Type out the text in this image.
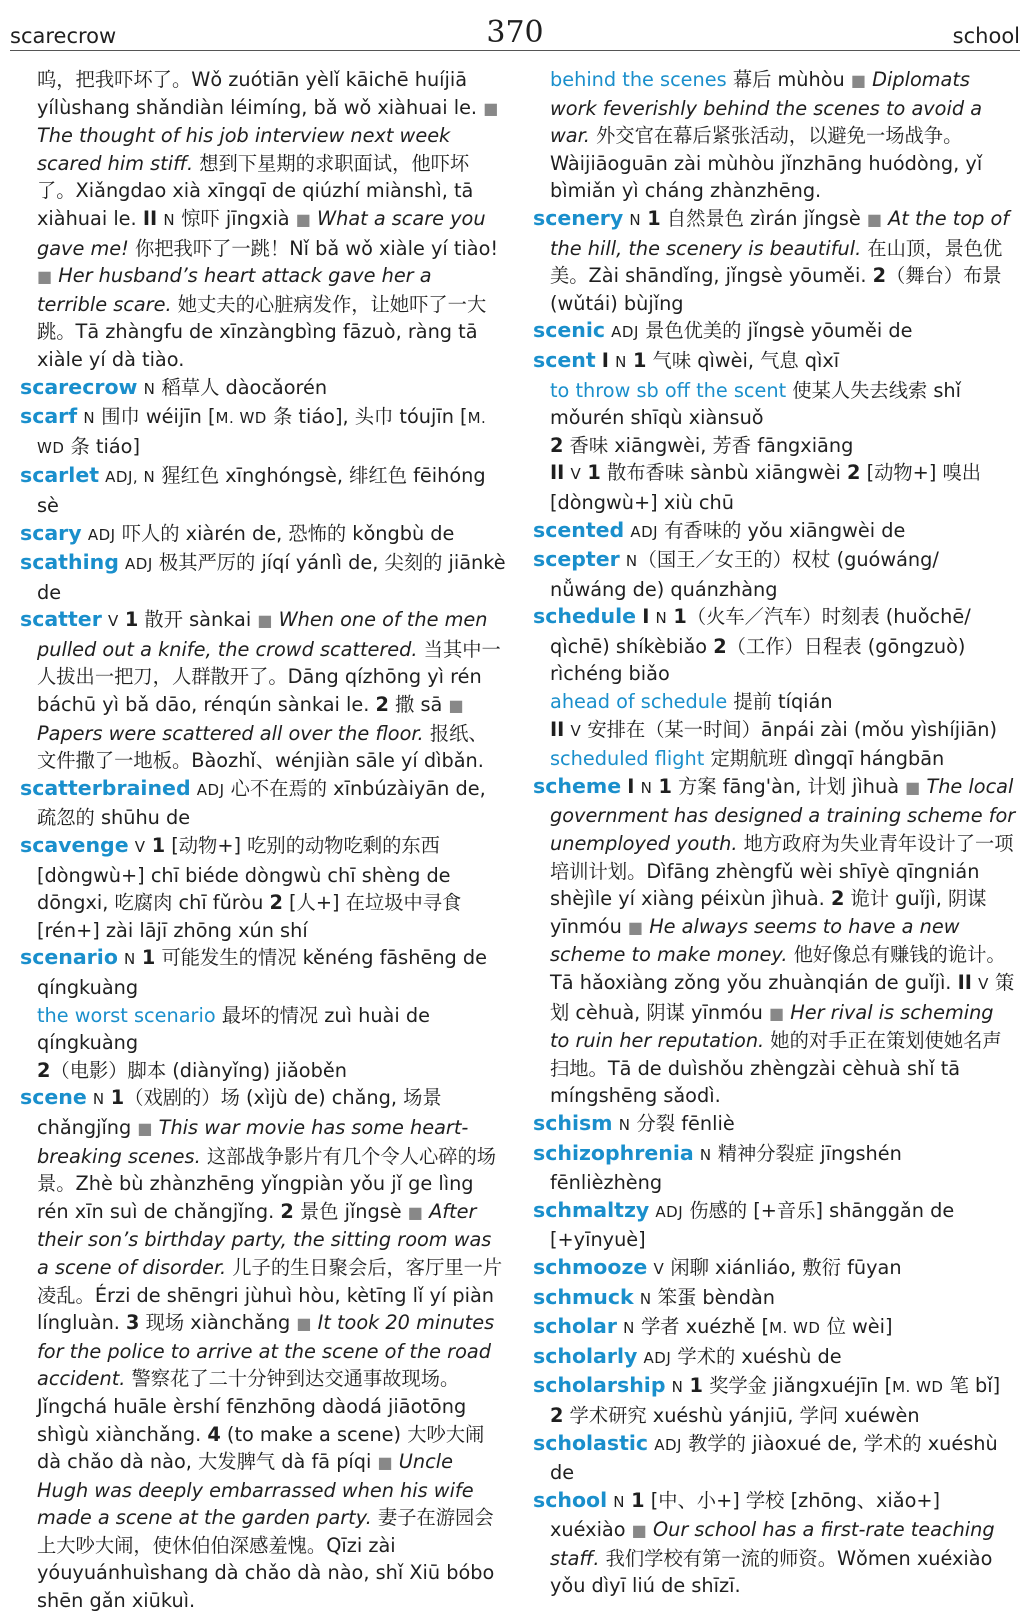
scarecrow	370	school

呜，把我吓坏了。Wǒ zuótiān yèlǐ kāichē huíjiā yílùshang shǎndiàn léimíng, bǎ wǒ xiàhuai le. ■ The thought of his job interview next week scared him stiff. 想到下星期的求职面试，他吓坏了。Xiǎngdao xià xīngqī de qiúzhí miànshì, tā xiàhuai le. II N 惊吓 jīngxià ■ What a scare you gave me! 你把我吓了一跳！Nǐ bǎ wǒ xiàle yí tiào! ■ Her husband’s heart attack gave her a terrible scare. 她丈夫的心脏病发作，让她吓了一大跳。Tā zhàngfu de xīnzàngbìng fāzuò, ràng tā xiàle yí dà tiào.

scarecrow N 稻草人 dàocǎorén

scarf N 围巾 wéijīn [M. WD 条 tiáo], 头巾 tóujīn [M. WD 条 tiáo]

scarlet ADJ, N 猩红色 xīnghóngsè, 绯红色 fēihóng sè

scary ADJ 吓人的 xiàrén de, 恐怖的 kǒngbù de

scathing ADJ 极其严厉的 jíqí yánlì de, 尖刻的 jiānkè de

scatter V 1 散开 sànkai ■ When one of the men pulled out a knife, the crowd scattered. 当其中一人拔出一把刀，人群散开了。Dāng qízhōng yì rén báchū yì bǎ dāo, rénqún sànkai le. 2 撒 sā ■ Papers were scattered all over the floor. 报纸、文件撒了一地板。Bàozhǐ、wénjiàn sāle yí dìbǎn.

scatterbrained ADJ 心不在焉的 xīnbúzàiyān de, 疏忽的 shūhu de

scavenge V 1 [动物+] 吃别的动物吃剩的东西 [dòngwù+] chī biéde dòngwù chī shèng de dōngxi, 吃腐肉 chī fǔròu 2 [人+] 在垃圾中寻食 [rén+] zài lājī zhōng xún shí

scenario N 1 可能发生的情况 kěnéng fāshēng de qíngkuàng

the worst scenario 最坏的情况 zuì huài de qíngkuàng

2（电影）脚本 (diànyǐng) jiǎoběn

scene N 1（戏剧的）场 (xìjù de) chǎng, 场景 chǎngjǐng ■ This war movie has some heart-breaking scenes. 这部战争影片有几个令人心碎的场景。Zhè bù zhànzhēng yǐngpiàn yǒu jǐ ge lìng rén xīn suì de chǎngjǐng. 2 景色 jǐngsè ■ After their son’s birthday party, the sitting room was a scene of disorder. 儿子的生日聚会后，客厅里一片凌乱。Érzi de shēngri jùhuì hòu, kètīng lǐ yí piàn língluàn. 3 现场 xiànchǎng ■ It took 20 minutes for the police to arrive at the scene of the road accident. 警察花了二十分钟到达交通事故现场。Jǐngchá huāle èrshí fēnzhōng dàodá jiāotōng shìgù xiànchǎng. 4 (to make a scene) 大吵大闹 dà chǎo dà nào, 大发脾气 dà fā píqi ■ Uncle Hugh was deeply embarrassed when his wife made a scene at the garden party. 妻子在游园会上大吵大闹，使休伯伯深感羞愧。Qīzi zài yóuyuánhuìshang dà chǎo dà nào, shǐ Xiū bóbo shēn gǎn xiūkuì.

behind the scenes 幕后 mùhòu ■ Diplomats work feverishly behind the scenes to avoid a war. 外交官在幕后紧张活动，以避免一场战争。Wàijiāoguān zài mùhòu jǐnzhāng huódòng, yǐ bìmiǎn yì cháng zhànzhēng.

scenery N 1 自然景色 zìrán jǐngsè ■ At the top of the hill, the scenery is beautiful. 在山顶，景色优美。Zài shāndǐng, jǐngsè yōuměi. 2（舞台）布景 (wǔtái) bùjǐng

scenic ADJ 景色优美的 jǐngsè yōuměi de

scent I N 1 气味 qìwèi, 气息 qìxī

to throw sb off the scent 使某人失去线索 shǐ mǒurén shīqù xiànsuǒ

2 香味 xiāngwèi, 芳香 fāngxiāng

II V 1 散布香味 sànbù xiāngwèi 2 [动物+] 嗅出 [dòngwù+] xiù chū

scented ADJ 有香味的 yǒu xiāngwèi de

scepter N（国王／女王的）权杖 (guówáng/ nǚwáng de) quánzhàng

schedule I N 1（火车／汽车）时刻表 (huǒchē/ qìchē) shíkèbiǎo 2（工作）日程表 (gōngzuò) rìchéng biǎo

ahead of schedule 提前 tíqián

II V 安排在（某一时间）ānpái zài (mǒu yìshíjiān)

scheduled flight 定期航班 dìngqī hángbān

scheme I N 1 方案 fāng'àn, 计划 jìhuà ■ The local government has designed a training scheme for unemployed youth. 地方政府为失业青年设计了一项培训计划。Dìfāng zhèngfǔ wèi shīyè qīngnián shèjìle yí xiàng péixùn jìhuà. 2 诡计 guǐjì, 阴谋 yīnmóu ■ He always seems to have a new scheme to make money. 他好像总有赚钱的诡计。Tā hǎoxiàng zǒng yǒu zhuànqián de guǐjì. II V 策划 cèhuà, 阴谋 yīnmóu ■ Her rival is scheming to ruin her reputation. 她的对手正在策划使她名声扫地。Tā de duìshǒu zhèngzài cèhuà shǐ tā míngshēng sǎodì.

schism N 分裂 fēnliè

schizophrenia N 精神分裂症 jīngshén fēnlièzhèng

schmaltzy ADJ 伤感的 [+音乐] shānggǎn de [+yīnyuè]

schmooze V 闲聊 xiánliáo, 敷衍 fūyan

schmuck N 笨蛋 bèndàn

scholar N 学者 xuézhě [M. WD 位 wèi]

scholarly ADJ 学术的 xuéshù de

scholarship N 1 奖学金 jiǎngxuéjīn [M. WD 笔 bǐ] 2 学术研究 xuéshù yánjiū, 学问 xuéwèn

scholastic ADJ 教学的 jiàoxué de, 学术的 xuéshù de

school N 1 [中、小+] 学校 [zhōng、xiǎo+] xuéxiào ■ Our school has a first-rate teaching staff. 我们学校有第一流的师资。Wǒmen xuéxiào yǒu dìyī liú de shīzī.
